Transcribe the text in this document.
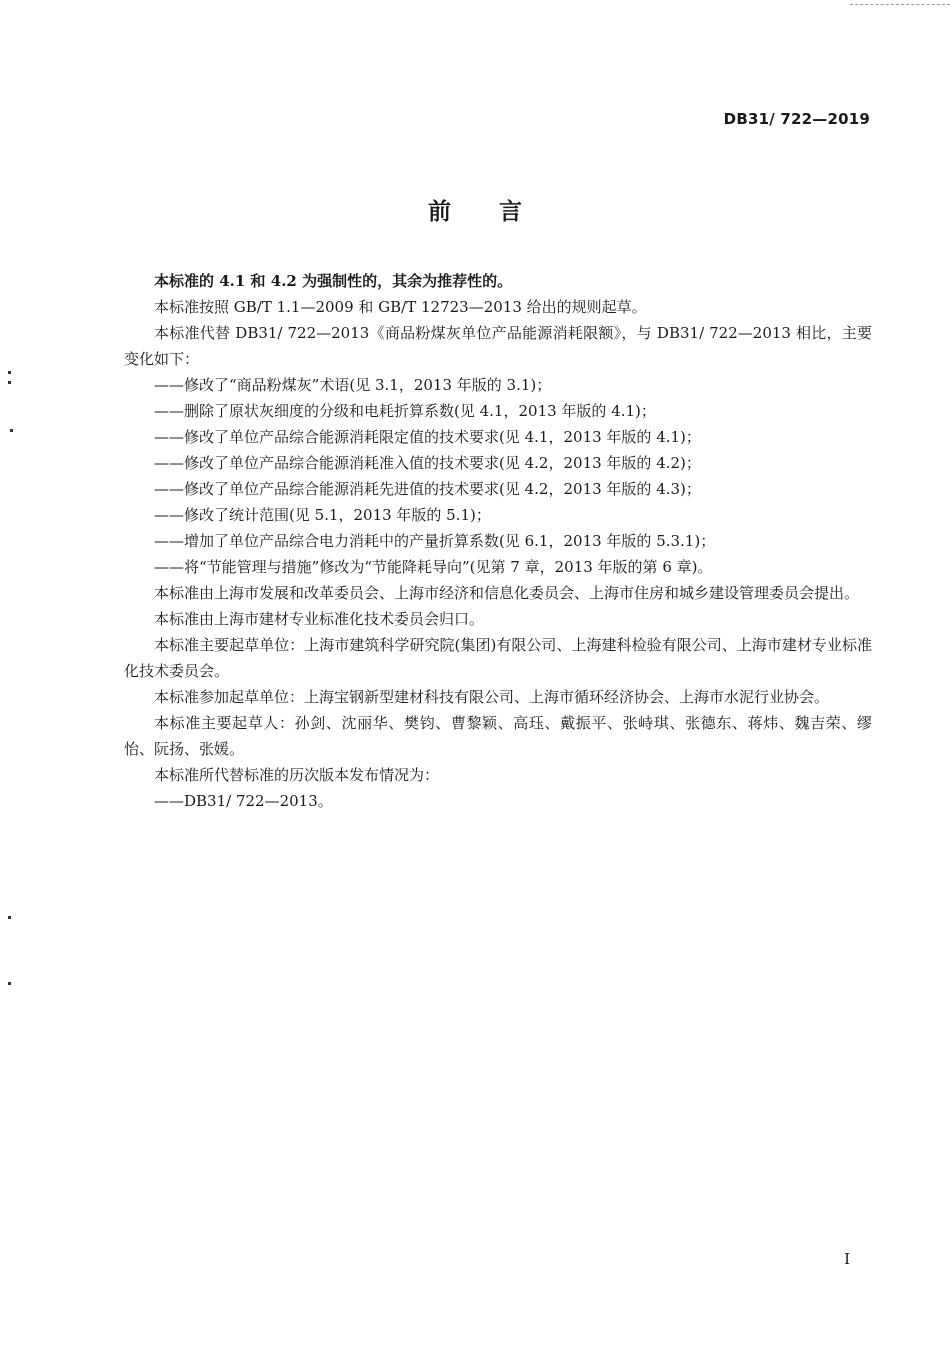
DB31/ 722—2019
前言

本标准的 4.1 和 4.2 为强制性的，其余为推荐性的。

本标准按照 GB/T 1.1—2009 和 GB/T 12723—2013 给出的规则起草。

本标准代替 DB31/ 722—2013《商品粉煤灰单位产品能源消耗限额》，与 DB31/ 722—2013 相比，主要变化如下：

——修改了“商品粉煤灰”术语(见 3.1，2013 年版的 3.1)；

——删除了原状灰细度的分级和电耗折算系数(见 4.1，2013 年版的 4.1)；

——修改了单位产品综合能源消耗限定值的技术要求(见 4.1，2013 年版的 4.1)；

——修改了单位产品综合能源消耗准入值的技术要求(见 4.2，2013 年版的 4.2)；

——修改了单位产品综合能源消耗先进值的技术要求(见 4.2，2013 年版的 4.3)；

——修改了统计范围(见 5.1，2013 年版的 5.1)；

——增加了单位产品综合电力消耗中的产量折算系数(见 6.1，2013 年版的 5.3.1)；

——将“节能管理与措施”修改为“节能降耗导向”(见第 7 章，2013 年版的第 6 章)。

本标准由上海市发展和改革委员会、上海市经济和信息化委员会、上海市住房和城乡建设管理委员会提出。

本标准由上海市建材专业标准化技术委员会归口。

本标准主要起草单位：上海市建筑科学研究院(集团)有限公司、上海建科检验有限公司、上海市建材专业标准化技术委员会。

本标准参加起草单位：上海宝钢新型建材科技有限公司、上海市循环经济协会、上海市水泥行业协会。

本标准主要起草人：孙剑、沈丽华、樊钧、曹黎颖、高珏、戴振平、张峙琪、张德东、蒋炜、魏吉荣、缪怡、阮扬、张媛。

本标准所代替标准的历次版本发布情况为：

——DB31/ 722—2013。

I
